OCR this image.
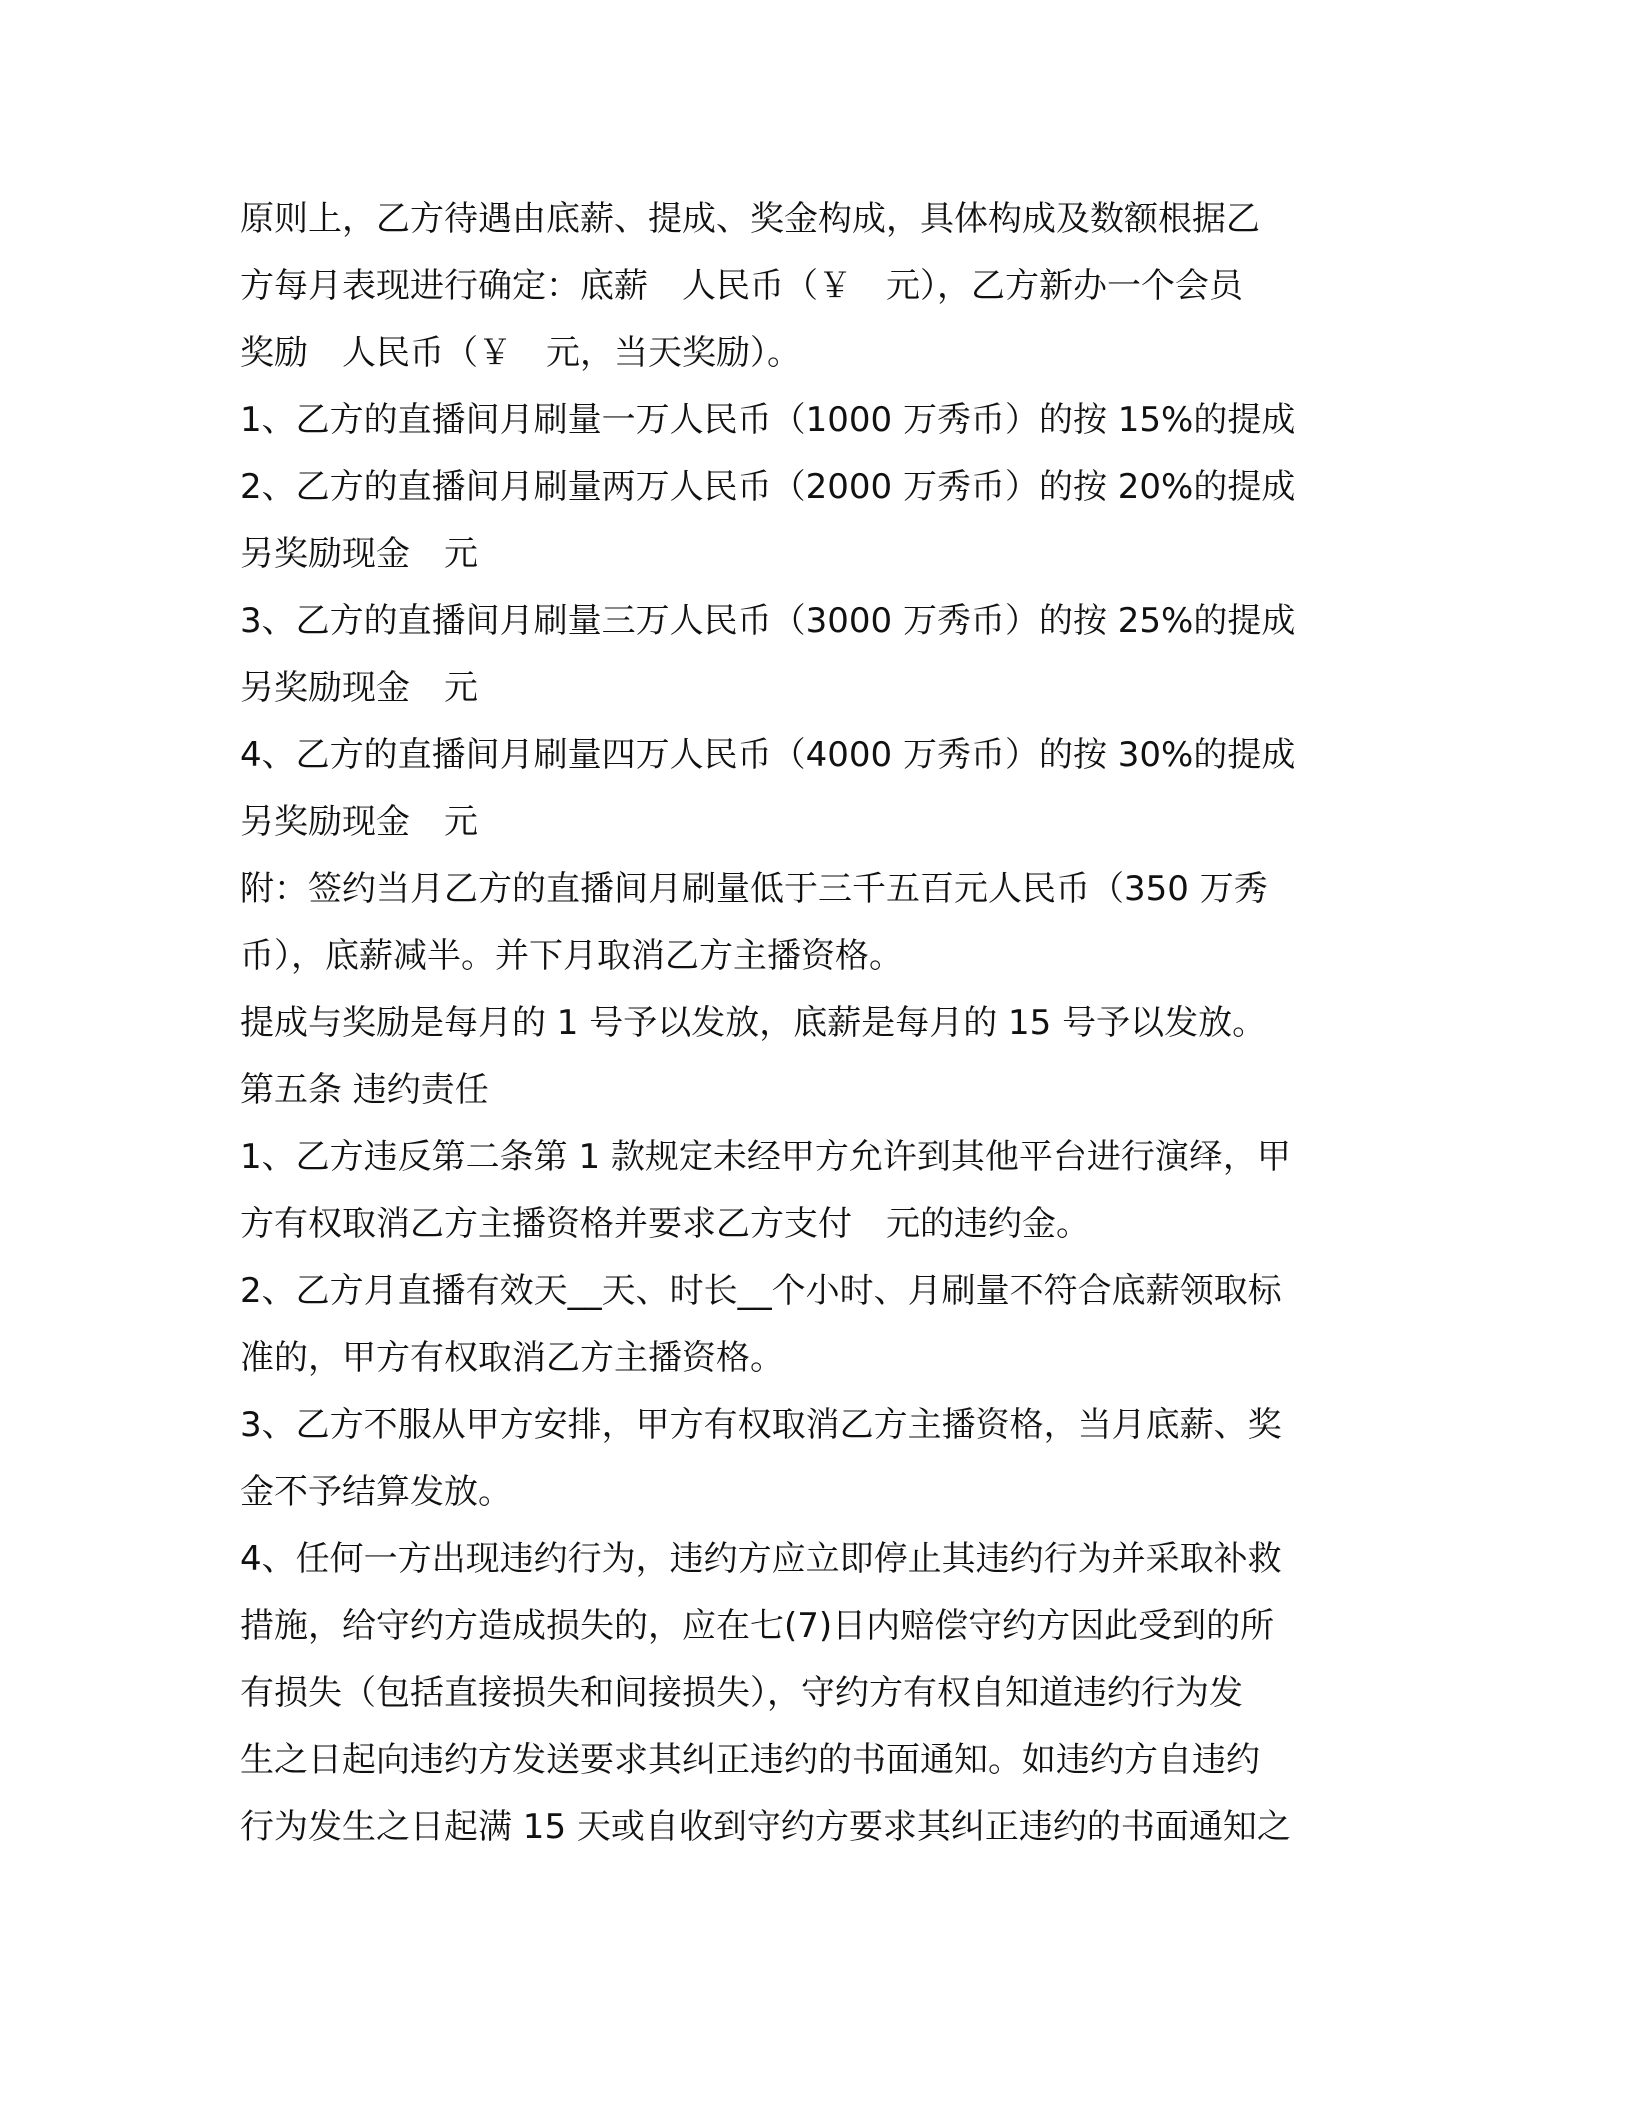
原则上，乙方待遇由底薪、提成、奖金构成，具体构成及数额根据乙
方每月表现进行确定：底薪　人民币（￥　元），乙方新办一个会员
奖励　人民币（￥　元，当天奖励）。
1、乙方的直播间月刷量一万人民币（1000 万秀币）的按 15%的提成
2、乙方的直播间月刷量两万人民币（2000 万秀币）的按 20%的提成
另奖励现金　元
3、乙方的直播间月刷量三万人民币（3000 万秀币）的按 25%的提成
另奖励现金　元
4、乙方的直播间月刷量四万人民币（4000 万秀币）的按 30%的提成
另奖励现金　元
附：签约当月乙方的直播间月刷量低于三千五百元人民币（350 万秀
币），底薪减半。并下月取消乙方主播资格。
提成与奖励是每月的 1 号予以发放，底薪是每月的 15 号予以发放。
第五条 违约责任
1、乙方违反第二条第 1 款规定未经甲方允许到其他平台进行演绎，甲
方有权取消乙方主播资格并要求乙方支付　元的违约金。
2、乙方月直播有效天__天、时长__个小时、月刷量不符合底薪领取标
准的，甲方有权取消乙方主播资格。
3、乙方不服从甲方安排，甲方有权取消乙方主播资格，当月底薪、奖
金不予结算发放。
4、任何一方出现违约行为，违约方应立即停止其违约行为并采取补救
措施，给守约方造成损失的，应在七(7)日内赔偿守约方因此受到的所
有损失（包括直接损失和间接损失），守约方有权自知道违约行为发
生之日起向违约方发送要求其纠正违约的书面通知。如违约方自违约
行为发生之日起满 15 天或自收到守约方要求其纠正违约的书面通知之
